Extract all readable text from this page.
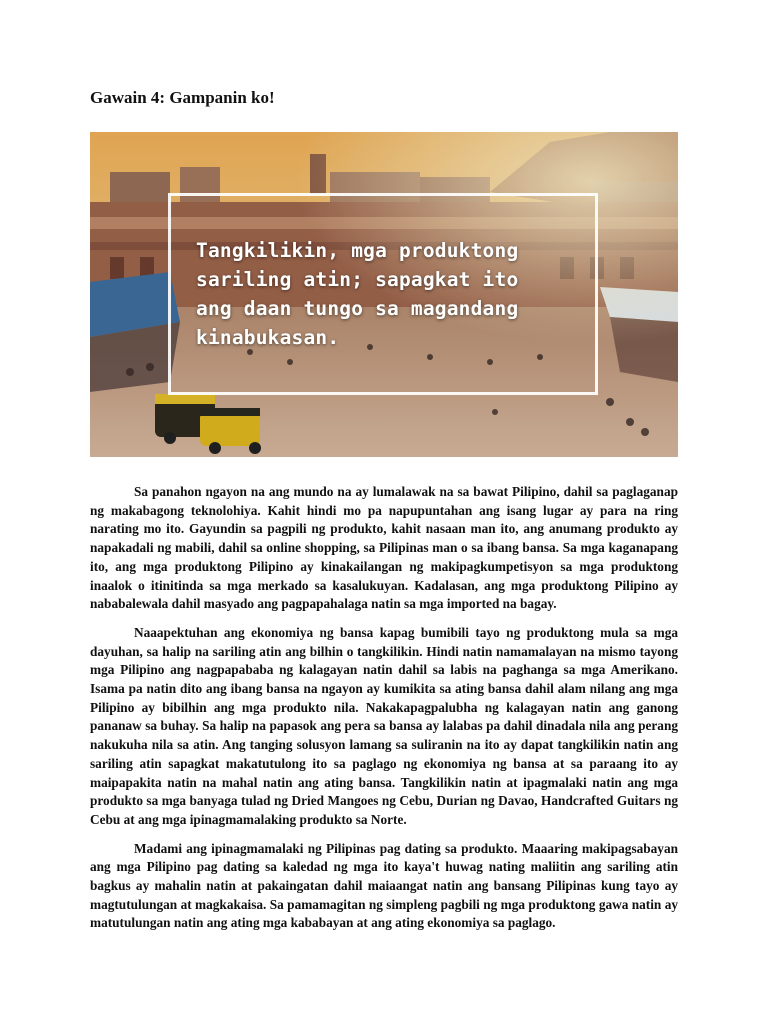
Gawain 4: Gampanin ko!

Tangkilikin, mga produktong sariling atin; sapagkat ito ang daan tungo sa magandang kinabukasan.

Sa panahon ngayon na ang mundo na ay lumalawak na sa bawat Pilipino, dahil sa paglaganap ng makabagong teknolohiya. Kahit hindi mo pa napupuntahan ang isang lugar ay para na ring narating mo ito. Gayundin sa pagpili ng produkto, kahit nasaan man ito, ang anumang produkto ay napakadali ng mabili, dahil sa online shopping, sa Pilipinas man o sa ibang bansa. Sa mga kaganapang ito, ang mga produktong Pilipino ay kinakailangan ng makipagkumpetisyon sa mga produktong inaalok o itinitinda sa mga merkado sa kasalukuyan. Kadalasan, ang mga produktong Pilipino ay nababalewala dahil masyado ang pagpapahalaga natin sa mga imported na bagay.

Naaapektuhan ang ekonomiya ng bansa kapag bumibili tayo ng produktong mula sa mga dayuhan, sa halip na sariling atin ang bilhin o tangkilikin. Hindi natin namamalayan na mismo tayong mga Pilipino ang nagpapababa ng kalagayan natin dahil sa labis na paghanga sa mga Amerikano. Isama pa natin dito ang ibang bansa na ngayon ay kumikita sa ating bansa dahil alam nilang ang mga Pilipino ay bibilhin ang mga produkto nila. Nakakapagpalubha ng kalagayan natin ang ganong pananaw sa buhay. Sa halip na papasok ang pera sa bansa ay lalabas pa dahil dinadala nila ang perang nakukuha nila sa atin. Ang tanging solusyon lamang sa suliranin na ito ay dapat tangkilikin natin ang sariling atin sapagkat makatutulong ito sa paglago ng ekonomiya ng bansa at sa paraang ito ay maipapakita natin na mahal natin ang ating bansa. Tangkilikin natin at ipagmalaki natin ang mga produkto sa mga banyaga tulad ng Dried Mangoes ng Cebu, Durian ng Davao, Handcrafted Guitars ng Cebu at ang mga ipinagmamalaking produkto sa Norte.

Madami ang ipinagmamalaki ng Pilipinas pag dating sa produkto. Maaaring makipagsabayan ang mga Pilipino pag dating sa kaledad ng mga ito kaya't huwag nating maliitin ang sariling atin bagkus ay mahalin natin at pakaingatan dahil maiaangat natin ang bansang Pilipinas kung tayo ay magtutulungan at magkakaisa. Sa pamamagitan ng simpleng pagbili ng mga produktong gawa natin ay matutulungan natin ang ating mga kababayan at ang ating ekonomiya sa paglago.
